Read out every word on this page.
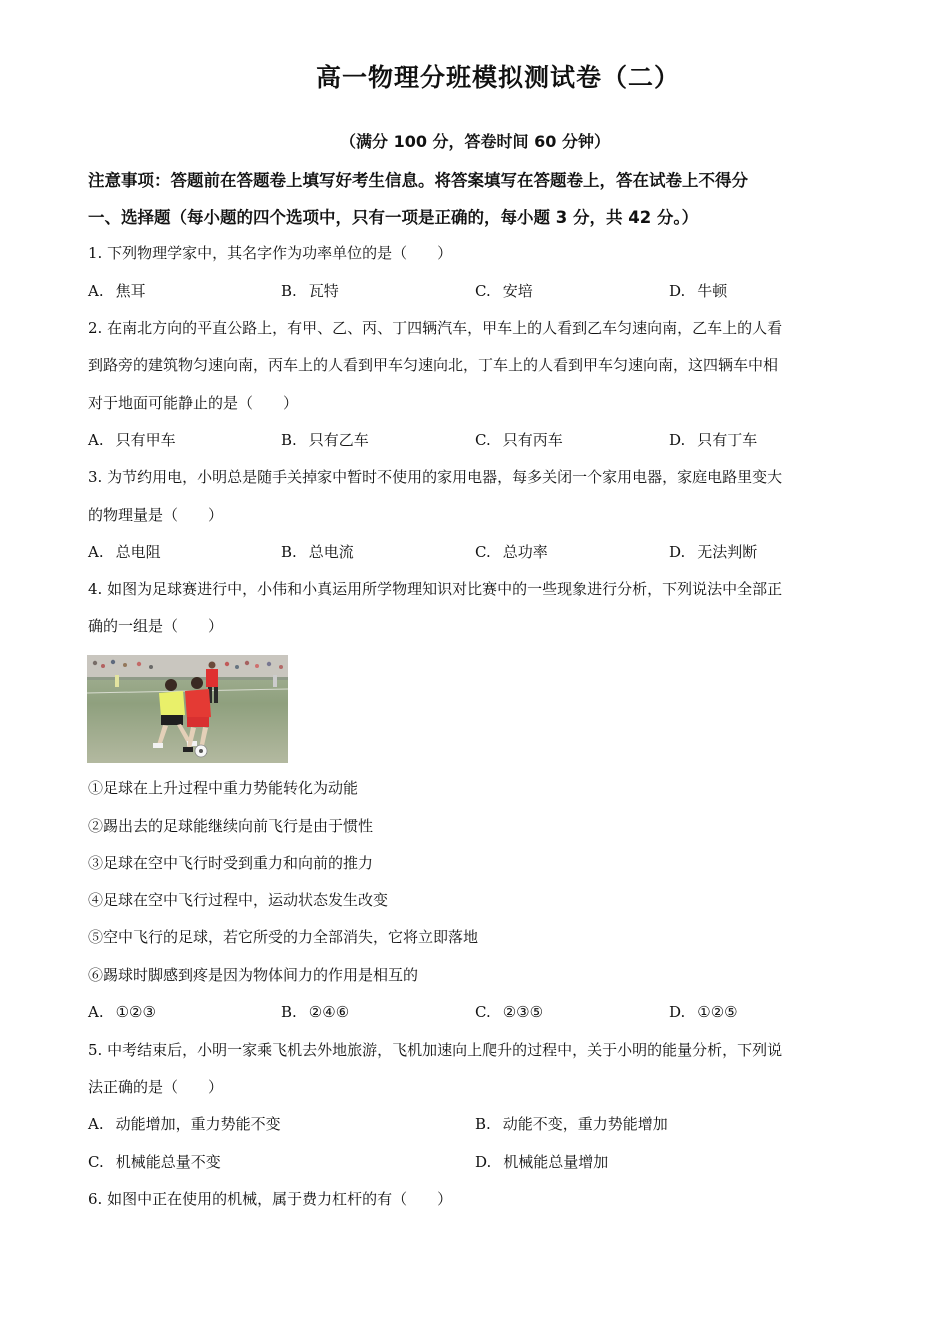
高一物理分班模拟测试卷（二）
（满分 100 分，答卷时间 60 分钟）
注意事项：答题前在答题卷上填写好考生信息。将答案填写在答题卷上，答在试卷上不得分
一、选择题（每小题的四个选项中，只有一项是正确的，每小题 3 分，共 42 分。）
1. 下列物理学家中，其名字作为功率单位的是（　　）
A. 焦耳	B. 瓦特	C. 安培	D. 牛顿
2. 在南北方向的平直公路上，有甲、乙、丙、丁四辆汽车，甲车上的人看到乙车匀速向南，乙车上的人看
到路旁的建筑物匀速向南，丙车上的人看到甲车匀速向北，丁车上的人看到甲车匀速向南，这四辆车中相
对于地面可能静止的是（　　）
A. 只有甲车	B. 只有乙车	C. 只有丙车	D. 只有丁车
3. 为节约用电，小明总是随手关掉家中暂时不使用的家用电器，每多关闭一个家用电器，家庭电路里变大
的物理量是（　　）
A. 总电阻	B. 总电流	C. 总功率	D. 无法判断
4. 如图为足球赛进行中，小伟和小真运用所学物理知识对比赛中的一些现象进行分析，下列说法中全部正
确的一组是（　　）
①足球在上升过程中重力势能转化为动能
②踢出去的足球能继续向前飞行是由于惯性
③足球在空中飞行时受到重力和向前的推力
④足球在空中飞行过程中，运动状态发生改变
⑤空中飞行的足球，若它所受的力全部消失，它将立即落地
⑥踢球时脚感到疼是因为物体间力的作用是相互的
A. ①②③	B. ②④⑥	C. ②③⑤	D. ①②⑤
5. 中考结束后，小明一家乘飞机去外地旅游，飞机加速向上爬升的过程中，关于小明的能量分析，下列说
法正确的是（　　）
A. 动能增加，重力势能不变	B. 动能不变，重力势能增加
C. 机械能总量不变	D. 机械能总量增加
6. 如图中正在使用的机械，属于费力杠杆的有（　　）
